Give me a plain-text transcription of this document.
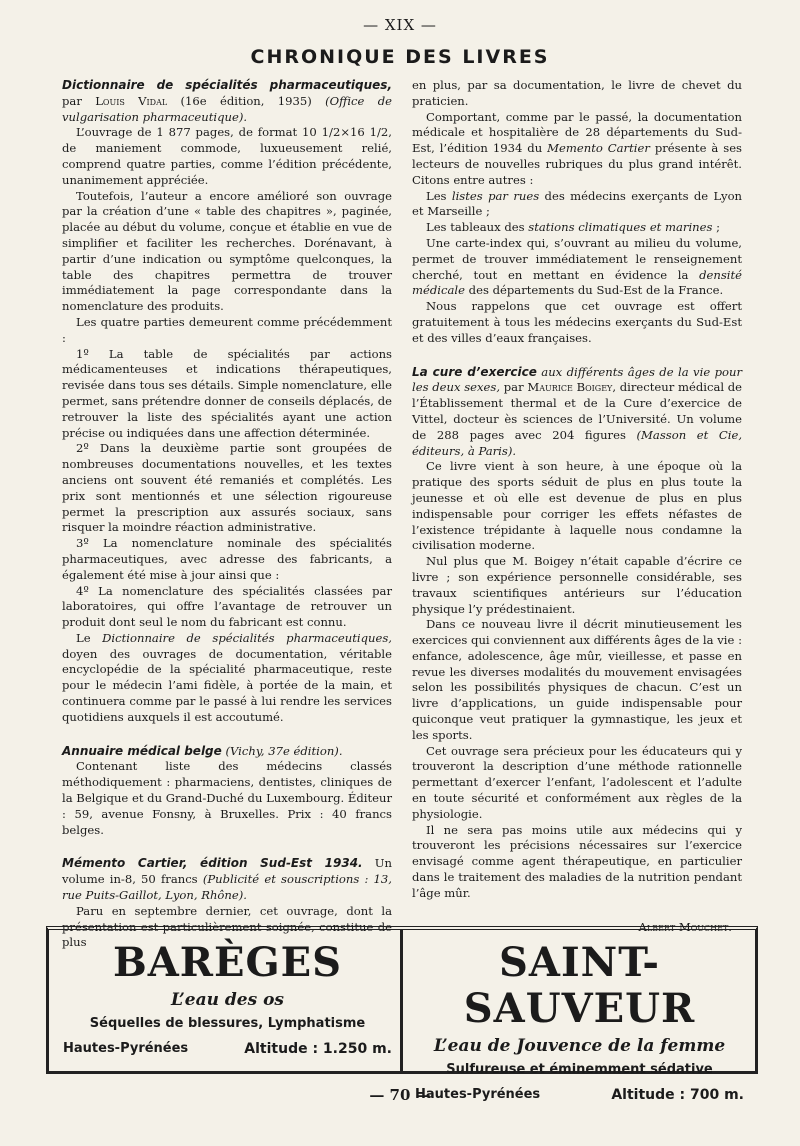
— XIX —
CHRONIQUE DES LIVRES

Dictionnaire de spécialités pharmaceutiques, par Louis Vidal (16e édition, 1935) (Office de vulgarisation pharmaceutique).

L’ouvrage de 1 877 pages, de format 10 1/2×16 1/2, de maniement commode, luxueusement relié, comprend quatre parties, comme l’édition précédente, unanimement appréciée.

Toutefois, l’auteur a encore amélioré son ouvrage par la création d’une « table des chapitres », paginée, placée au début du volume, conçue et établie en vue de simplifier et faciliter les recherches. Dorénavant, à partir d’une indication ou symptôme quelconques, la table des chapitres permettra de trouver immédiatement la page correspondante dans la nomenclature des produits.

Les quatre parties demeurent comme précédemment :

1º La table de spécialités par actions médicamenteuses et indications thérapeutiques, revisée dans tous ses détails. Simple nomenclature, elle permet, sans prétendre donner de conseils déplacés, de retrouver la liste des spécialités ayant une action précise ou indiquées dans une affection déterminée.

2º Dans la deuxième partie sont groupées de nombreuses documentations nouvelles, et les textes anciens ont souvent été remaniés et complétés. Les prix sont mentionnés et une sélection rigoureuse permet la prescription aux assurés sociaux, sans risquer la moindre réaction administrative.

3º La nomenclature nominale des spécialités pharmaceutiques, avec adresse des fabricants, a également été mise à jour ainsi que :

4º La nomenclature des spécialités classées par laboratoires, qui offre l’avantage de retrouver un produit dont seul le nom du fabricant est connu.

Le Dictionnaire de spécialités pharmaceutiques, doyen des ouvrages de documentation, véritable encyclopédie de la spécialité pharmaceutique, reste pour le médecin l’ami fidèle, à portée de la main, et continuera comme par le passé à lui rendre les services quotidiens auxquels il est accoutumé.

Annuaire médical belge (Vichy, 37e édition).

Contenant liste des médecins classés méthodiquement : pharmaciens, dentistes, cliniques de la Belgique et du Grand-Duché du Luxembourg. Éditeur : 59, avenue Fonsny, à Bruxelles. Prix : 40 francs belges.

Mémento Cartier, édition Sud-Est 1934. Un volume in-8, 50 francs (Publicité et souscriptions : 13, rue Puits-Gaillot, Lyon, Rhône).

Paru en septembre dernier, cet ouvrage, dont la présentation est particulièrement soignée, constitue de plus

en plus, par sa documentation, le livre de chevet du praticien.

Comportant, comme par le passé, la documentation médicale et hospitalière de 28 départements du Sud-Est, l’édition 1934 du Memento Cartier présente à ses lecteurs de nouvelles rubriques du plus grand intérêt. Citons entre autres :

Les listes par rues des médecins exerçants de Lyon et Marseille ;

Les tableaux des stations climatiques et marines ;

Une carte-index qui, s’ouvrant au milieu du volume, permet de trouver immédiatement le renseignement cherché, tout en mettant en évidence la densité médicale des départements du Sud-Est de la France.

Nous rappelons que cet ouvrage est offert gratuitement à tous les médecins exerçants du Sud-Est et des villes d’eaux françaises.

La cure d’exercice aux différents âges de la vie pour les deux sexes, par Maurice Boigey, directeur médical de l’Établissement thermal et de la Cure d’exercice de Vittel, docteur ès sciences de l’Université. Un volume de 288 pages avec 204 figures (Masson et Cie, éditeurs, à Paris).

Ce livre vient à son heure, à une époque où la pratique des sports séduit de plus en plus toute la jeunesse et où elle est devenue de plus en plus indispensable pour corriger les effets néfastes de l’existence trépidante à laquelle nous condamne la civilisation moderne.

Nul plus que M. Boigey n’était capable d’écrire ce livre ; son expérience personnelle considérable, ses travaux scientifiques antérieurs sur l’éducation physique l’y prédestinaient.

Dans ce nouveau livre il décrit minutieusement les exercices qui conviennent aux différents âges de la vie : enfance, adolescence, âge mûr, vieillesse, et passe en revue les diverses modalités du mouvement envisagées selon les possibilités physiques de chacun. C’est un livre d’applications, un guide indispensable pour quiconque veut pratiquer la gymnastique, les jeux et les sports.

Cet ouvrage sera précieux pour les éducateurs qui y trouveront la description d’une méthode rationnelle permettant d’exercer l’enfant, l’adolescent et l’adulte en toute sécurité et conformément aux règles de la physiologie.

Il ne sera pas moins utile aux médecins qui y trouveront les précisions nécessaires sur l’exercice envisagé comme agent thérapeutique, en particulier dans le traitement des maladies de la nutrition pendant l’âge mûr.

Albert Mouchet.

BARÈGES
L’eau des os
Séquelles de blessures, Lymphatisme
Hautes-Pyrénées	Altitude : 1.250 m.
SAINT-SAUVEUR
L’eau de Jouvence de la femme
Sulfureuse et éminemment sédative
Hautes-Pyrénées	Altitude : 700 m.
— 70 —
